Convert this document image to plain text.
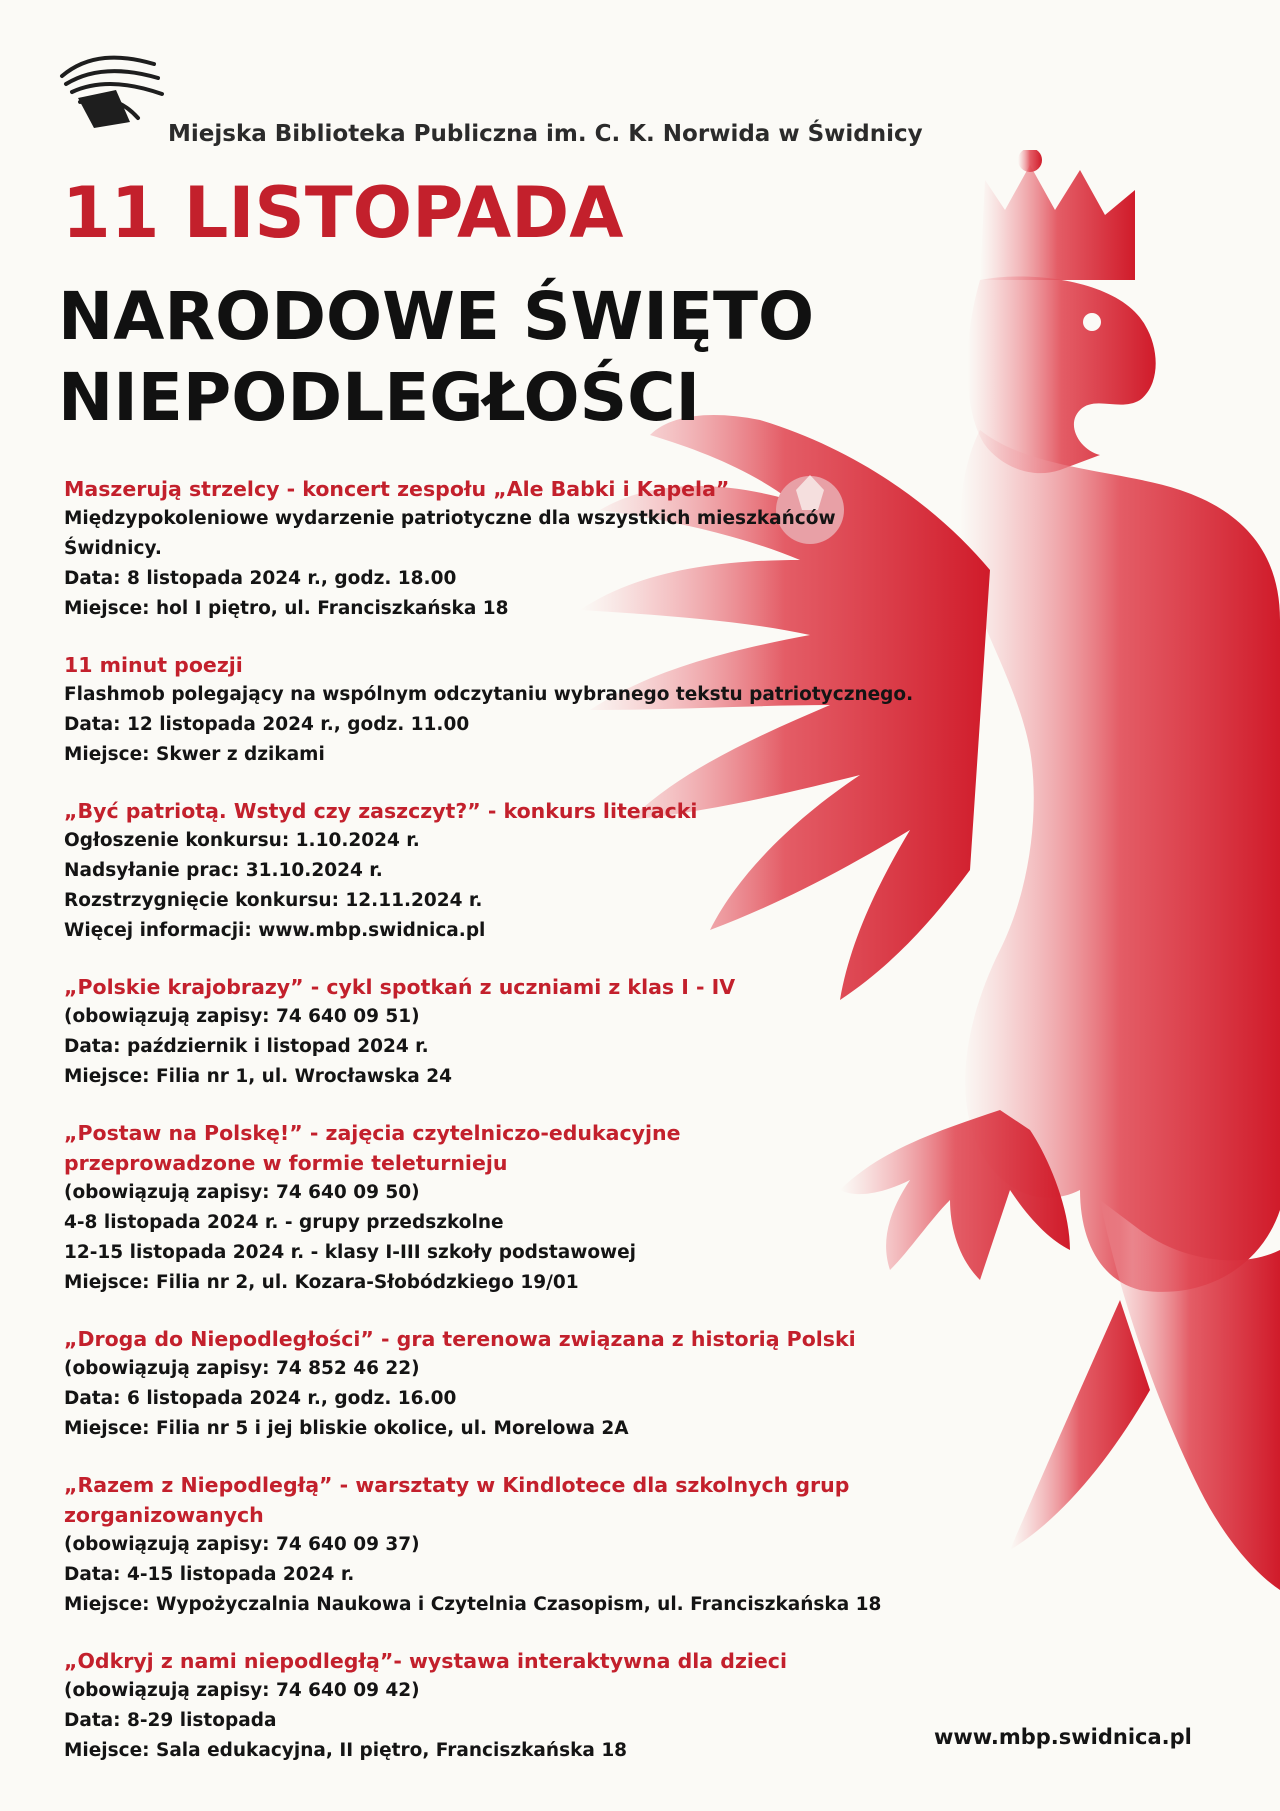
Miejska Biblioteka Publiczna im. C. K. Norwida w Świdnicy
11 LISTOPADA
NARODOWE ŚWIĘTO
NIEPODLEGŁOŚCI
Maszerują strzelcy - koncert zespołu „Ale Babki i Kapela”
Międzypokoleniowe wydarzenie patriotyczne dla wszystkich mieszkańców
Świdnicy.
Data: 8 listopada 2024 r., godz. 18.00
Miejsce: hol I piętro, ul. Franciszkańska 18
11 minut poezji
Flashmob polegający na wspólnym odczytaniu wybranego tekstu patriotycznego.
Data: 12 listopada 2024 r., godz. 11.00
Miejsce: Skwer z dzikami
„Być patriotą. Wstyd czy zaszczyt?” - konkurs literacki
Ogłoszenie konkursu: 1.10.2024 r.
Nadsyłanie prac: 31.10.2024 r.
Rozstrzygnięcie konkursu: 12.11.2024 r.
Więcej informacji: www.mbp.swidnica.pl
„Polskie krajobrazy” - cykl spotkań z uczniami z klas I - IV
(obowiązują zapisy: 74 640 09 51)
Data: październik i listopad 2024 r.
Miejsce: Filia nr 1, ul. Wrocławska 24
„Postaw na Polskę!” - zajęcia czytelniczo-edukacyjne
przeprowadzone w formie teleturnieju
(obowiązują zapisy: 74 640 09 50)
4-8 listopada 2024 r. - grupy przedszkolne
12-15 listopada 2024 r. - klasy I-III szkoły podstawowej
Miejsce: Filia nr 2, ul. Kozara-Słobódzkiego 19/01
„Droga do Niepodległości” - gra terenowa związana z historią Polski
(obowiązują zapisy: 74 852 46 22)
Data: 6 listopada 2024 r., godz. 16.00
Miejsce: Filia nr 5 i jej bliskie okolice, ul. Morelowa 2A
„Razem z Niepodległą” - warsztaty w Kindlotece dla szkolnych grup
zorganizowanych
(obowiązują zapisy: 74 640 09 37)
Data: 4-15 listopada 2024 r.
Miejsce: Wypożyczalnia Naukowa i Czytelnia Czasopism, ul. Franciszkańska 18
„Odkryj z nami niepodległą”- wystawa interaktywna dla dzieci
(obowiązują zapisy: 74 640 09 42)
Data: 8-29 listopada
Miejsce: Sala edukacyjna, II piętro, Franciszkańska 18
www.mbp.swidnica.pl
